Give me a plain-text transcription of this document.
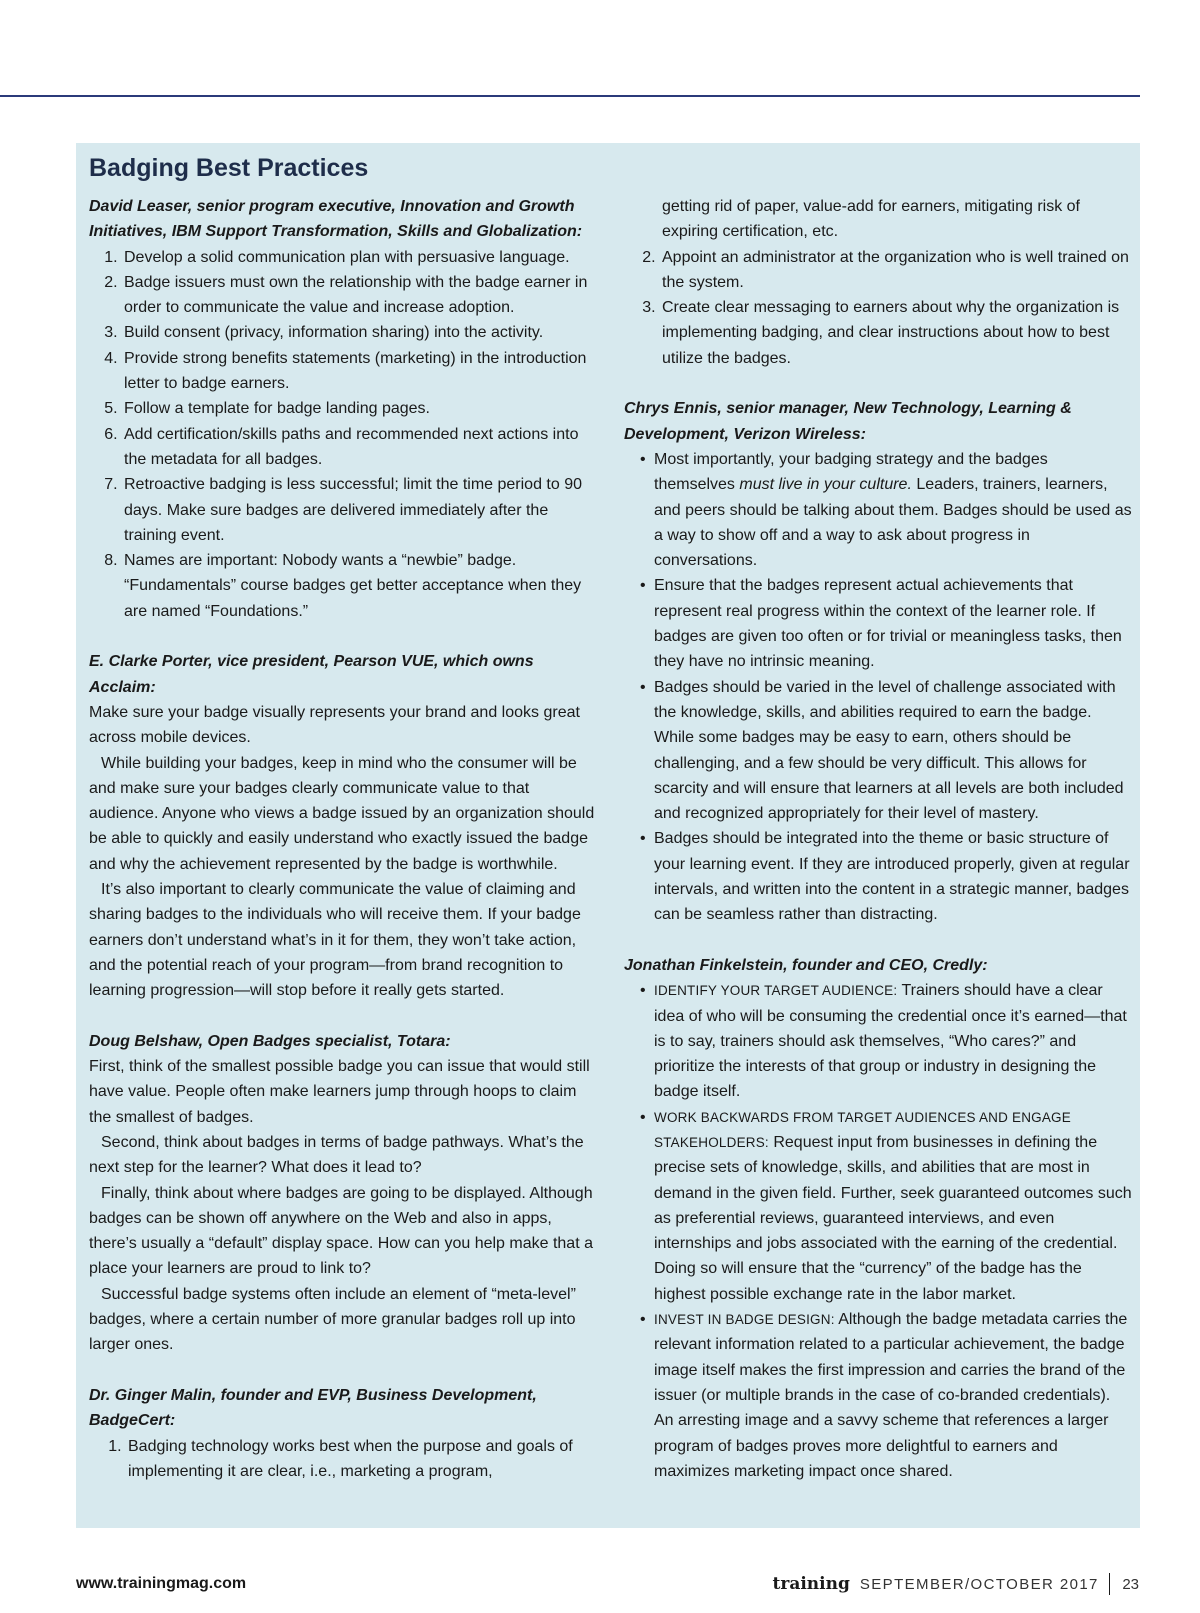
Badging Best Practices

David Leaser, senior program executive, Innovation and Growth Initiatives, IBM Support Transformation, Skills and Globalization:

1. Develop a solid communication plan with persuasive language.
2. Badge issuers must own the relationship with the badge earner in order to communicate the value and increase adoption.
3. Build consent (privacy, information sharing) into the activity.
4. Provide strong benefits statements (marketing) in the introduction letter to badge earners.
5. Follow a template for badge landing pages.
6. Add certification/skills paths and recommended next actions into the metadata for all badges.
7. Retroactive badging is less successful; limit the time period to 90 days. Make sure badges are delivered immediately after the training event.
8. Names are important: Nobody wants a “newbie” badge. “Fundamentals” course badges get better acceptance when they are named “Foundations.”

E. Clarke Porter, vice president, Pearson VUE, which owns Acclaim:

Make sure your badge visually represents your brand and looks great across mobile devices.

While building your badges, keep in mind who the consumer will be and make sure your badges clearly communicate value to that audience. Anyone who views a badge issued by an organization should be able to quickly and easily understand who exactly issued the badge and why the achievement represented by the badge is worthwhile.

It’s also important to clearly communicate the value of claiming and sharing badges to the individuals who will receive them. If your badge earners don’t understand what’s in it for them, they won’t take action, and the potential reach of your program—from brand recognition to learning progression—will stop before it really gets started.

Doug Belshaw, Open Badges specialist, Totara:

First, think of the smallest possible badge you can issue that would still have value. People often make learners jump through hoops to claim the smallest of badges.

Second, think about badges in terms of badge pathways. What’s the next step for the learner? What does it lead to?

Finally, think about where badges are going to be displayed. Although badges can be shown off anywhere on the Web and also in apps, there’s usually a “default” display space. How can you help make that a place your learners are proud to link to?

Successful badge systems often include an element of “meta-level” badges, where a certain number of more granular badges roll up into larger ones.

Dr. Ginger Malin, founder and EVP, Business Development, BadgeCert:

1. Badging technology works best when the purpose and goals of implementing it are clear, i.e., marketing a program,

getting rid of paper, value-add for earners, mitigating risk of expiring certification, etc.

2. Appoint an administrator at the organization who is well trained on the system.
3. Create clear messaging to earners about why the organization is implementing badging, and clear instructions about how to best utilize the badges.

Chrys Ennis, senior manager, New Technology, Learning & Development, Verizon Wireless:

• Most importantly, your badging strategy and the badges themselves must live in your culture. Leaders, trainers, learners, and peers should be talking about them. Badges should be used as a way to show off and a way to ask about progress in conversations.
• Ensure that the badges represent actual achievements that represent real progress within the context of the learner role. If badges are given too often or for trivial or meaningless tasks, then they have no intrinsic meaning.
• Badges should be varied in the level of challenge associated with the knowledge, skills, and abilities required to earn the badge. While some badges may be easy to earn, others should be challenging, and a few should be very difficult. This allows for scarcity and will ensure that learners at all levels are both included and recognized appropriately for their level of mastery.
• Badges should be integrated into the theme or basic structure of your learning event. If they are introduced properly, given at regular intervals, and written into the content in a strategic manner, badges can be seamless rather than distracting.

Jonathan Finkelstein, founder and CEO, Credly:

• IDENTIFY YOUR TARGET AUDIENCE: Trainers should have a clear idea of who will be consuming the credential once it’s earned—that is to say, trainers should ask themselves, “Who cares?” and prioritize the interests of that group or industry in designing the badge itself.
• WORK BACKWARDS FROM TARGET AUDIENCES AND ENGAGE STAKEHOLDERS: Request input from businesses in defining the precise sets of knowledge, skills, and abilities that are most in demand in the given field. Further, seek guaranteed outcomes such as preferential reviews, guaranteed interviews, and even internships and jobs associated with the earning of the credential. Doing so will ensure that the “currency” of the badge has the highest possible exchange rate in the labor market.
• INVEST IN BADGE DESIGN: Although the badge metadata carries the relevant information related to a particular achievement, the badge image itself makes the first impression and carries the brand of the issuer (or multiple brands in the case of co-branded credentials). An arresting image and a savvy scheme that references a larger program of badges proves more delightful to earners and maximizes marketing impact once shared.
www.trainingmag.com	training SEPTEMBER/OCTOBER 2017 23
